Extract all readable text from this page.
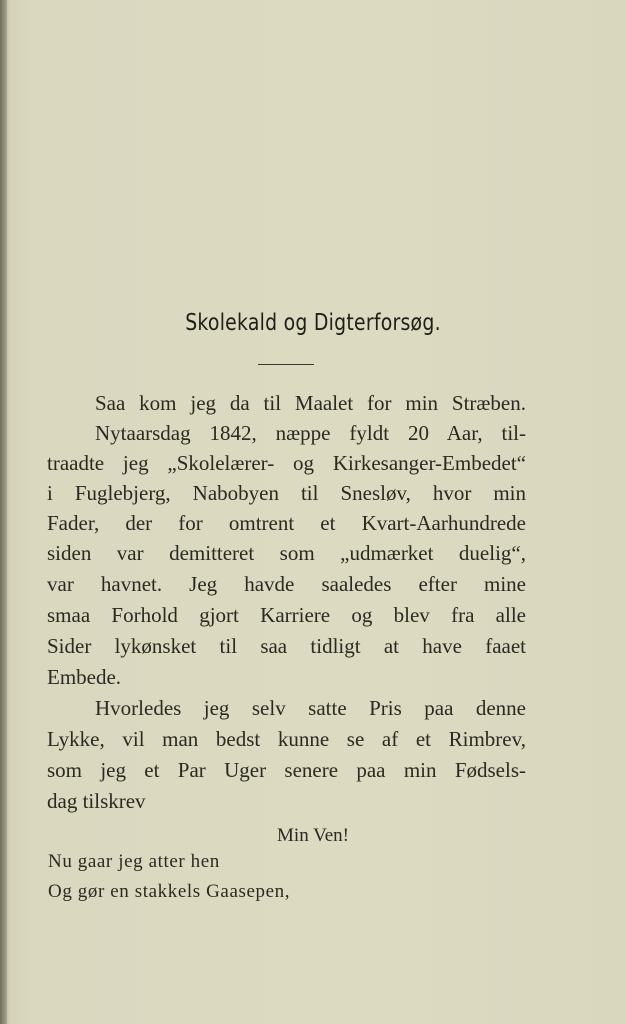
Skolekald og Digterforsøg.
Saa kom jeg da til Maalet for min Stræben.
Nytaarsdag 1842, næppe fyldt 20 Aar, til-
traadte jeg „Skolelærer- og Kirkesanger-Embedet“
i Fuglebjerg, Nabobyen til Snesløv, hvor min
Fader, der for omtrent et Kvart-Aarhundrede
siden var demitteret som „udmærket duelig“,
var havnet. Jeg havde saaledes efter mine
smaa Forhold gjort Karriere og blev fra alle
Sider lykønsket til saa tidligt at have faaet
Embede.
Hvorledes jeg selv satte Pris paa denne
Lykke, vil man bedst kunne se af et Rimbrev,
som jeg et Par Uger senere paa min Fødsels-
dag tilskrev
Min Ven!
Nu gaar jeg atter hen
Og gør en stakkels Gaasepen,
